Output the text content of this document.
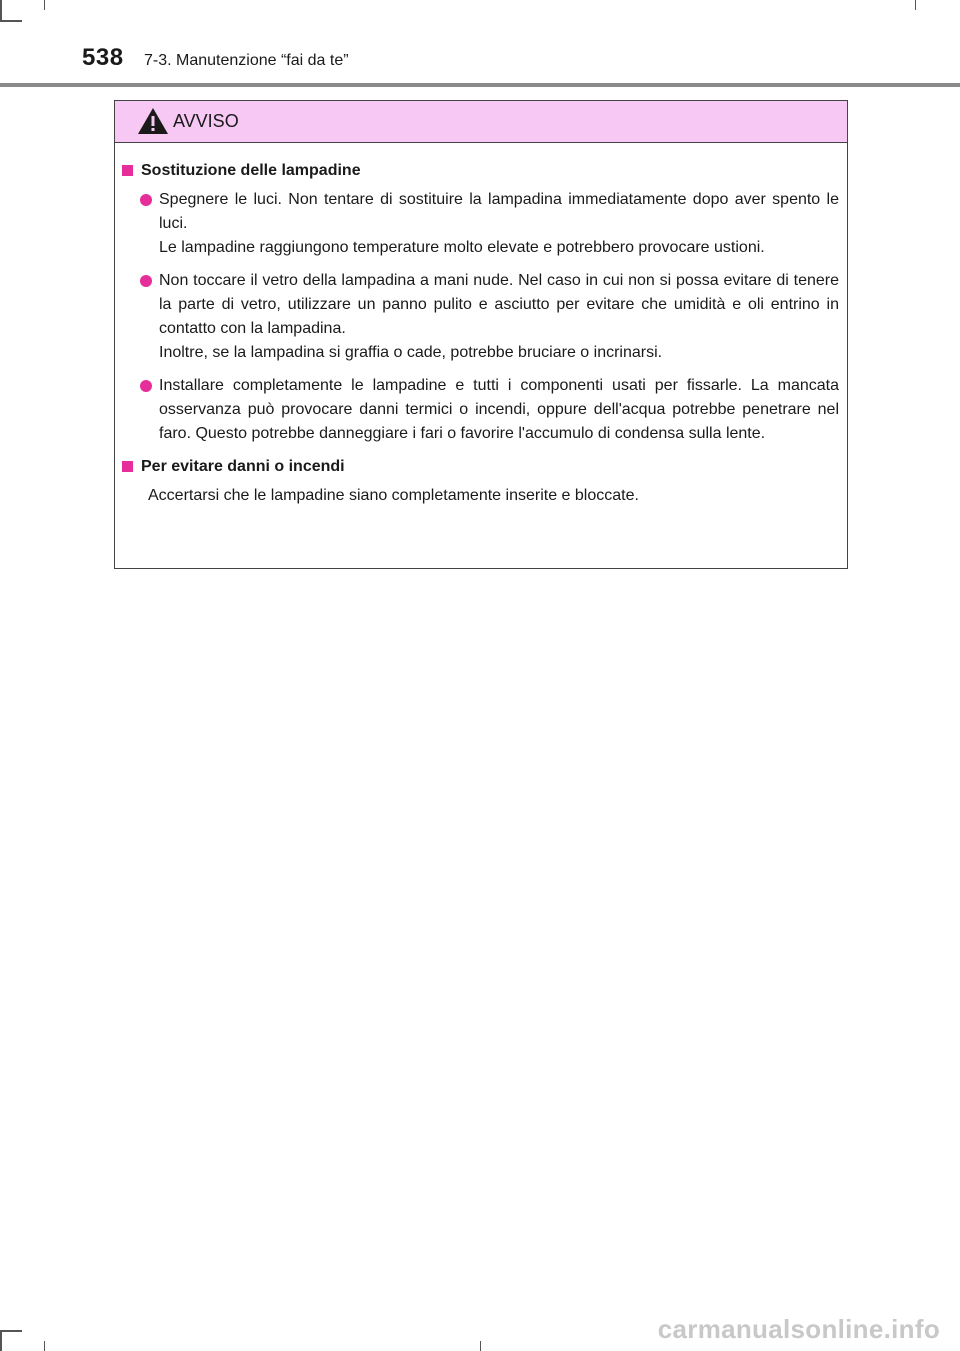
538 7-3. Manutenzione “fai da te”
AVVISO
Sostituzione delle lampadine
Spegnere le luci. Non tentare di sostituire la lampadina immediatamente dopo aver spento le luci.
Le lampadine raggiungono temperature molto elevate e potrebbero provocare ustioni.
Non toccare il vetro della lampadina a mani nude. Nel caso in cui non si possa evitare di tenere la parte di vetro, utilizzare un panno pulito e asciutto per evitare che umidità e oli entrino in contatto con la lampadina.
Inoltre, se la lampadina si graffia o cade, potrebbe bruciare o incrinarsi.
Installare completamente le lampadine e tutti i componenti usati per fissarle. La mancata osservanza può provocare danni termici o incendi, oppure dell'acqua potrebbe penetrare nel faro. Questo potrebbe danneggiare i fari o favorire l'accumulo di condensa sulla lente.
Per evitare danni o incendi
Accertarsi che le lampadine siano completamente inserite e bloccate.
carmanualsonline.info
